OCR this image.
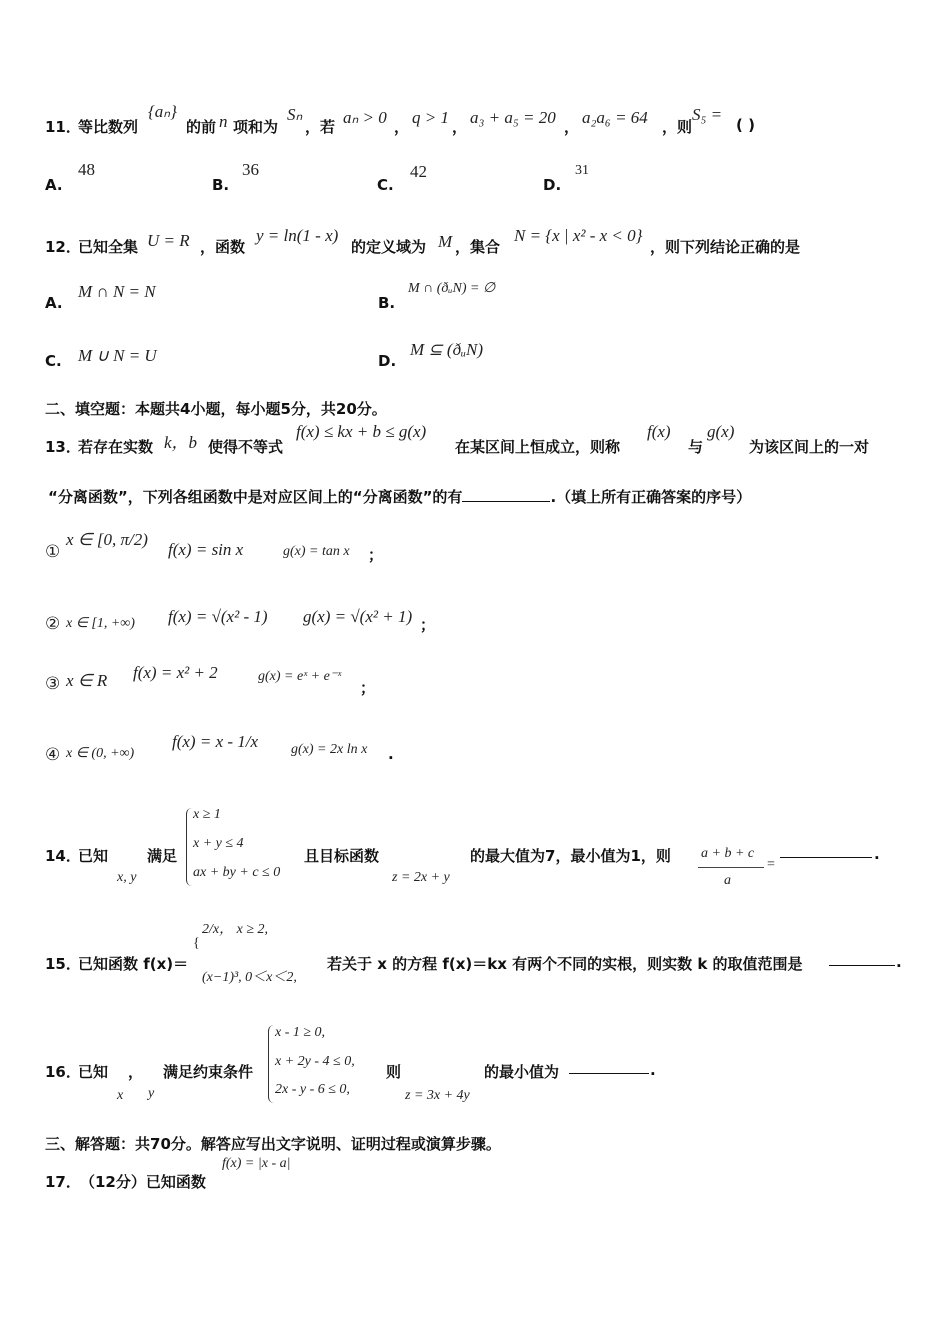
11．
等比数列
{aₙ}
的前 n 项和为
Sₙ
，若 aₙ > 0 ， q > 1 ， a₃ + a₅ = 20 ， a₂a₆ = 64 ，则
S₅ =
( )
A.
48
B.
36
C.
42
D.
31
12．
已知全集 U = R ，函数
y = ln(1 - x)
的定义域为 M ，集合
N = {x | x² - x < 0}
，则下列结论正确的是
A.
M ∩ N = N
B.
M ∩ (ðᵤN) = ∅
C. M ∪ N = U	D.
M ⊆ (ðᵤN)
二、填空题：本题共4小题，每小题5分，共20分。
13．
若存在实数 k，b 使得不等式
f(x) ≤ kx + b ≤ g(x)
在某区间上恒成立，则称
f(x)
与
g(x)
为该区间上的一对
“分离函数”，下列各组函数中是对应区间上的“分离函数”的有	.（填上所有正确答案的序号）
①
x ∈ [0, π/2)
f(x) = sin x	g(x) = tan x ；
② x ∈ [1, +∞) f(x) = √(x² - 1) g(x) = √(x² + 1) ；
③ x ∈ R f(x) = x² + 2	g(x) = eˣ + e⁻ˣ
；
④ x ∈ (0, +∞)
f(x) = x - 1/x g(x) = 2x ln x .
14．
已知
x, y
满足
x ≥ 1
x + y ≤ 4
ax + by + c ≤ 0
且目标函数
z = 2x + y
的最大值为7，最小值为1，则 a + b + c
a
=
.
15．
已知函数 f(x)＝
{
2/x， x ≥ 2,
(x−1)³, 0＜x＜2,
若关于 x 的方程 f(x)＝kx 有两个不同的实根，则实数 k 的取值范围是	.
16．
已知
x
，
y
满足约束条件
x - 1 ≥ 0,
x + 2y - 4 ≤ 0,
2x - y - 6 ≤ 0,
则
z = 3x + 4y
的最小值为	.
三、解答题：共70分。解答应写出文字说明、证明过程或演算步骤。
17． （12分）已知函数
f(x) = |x - a|
